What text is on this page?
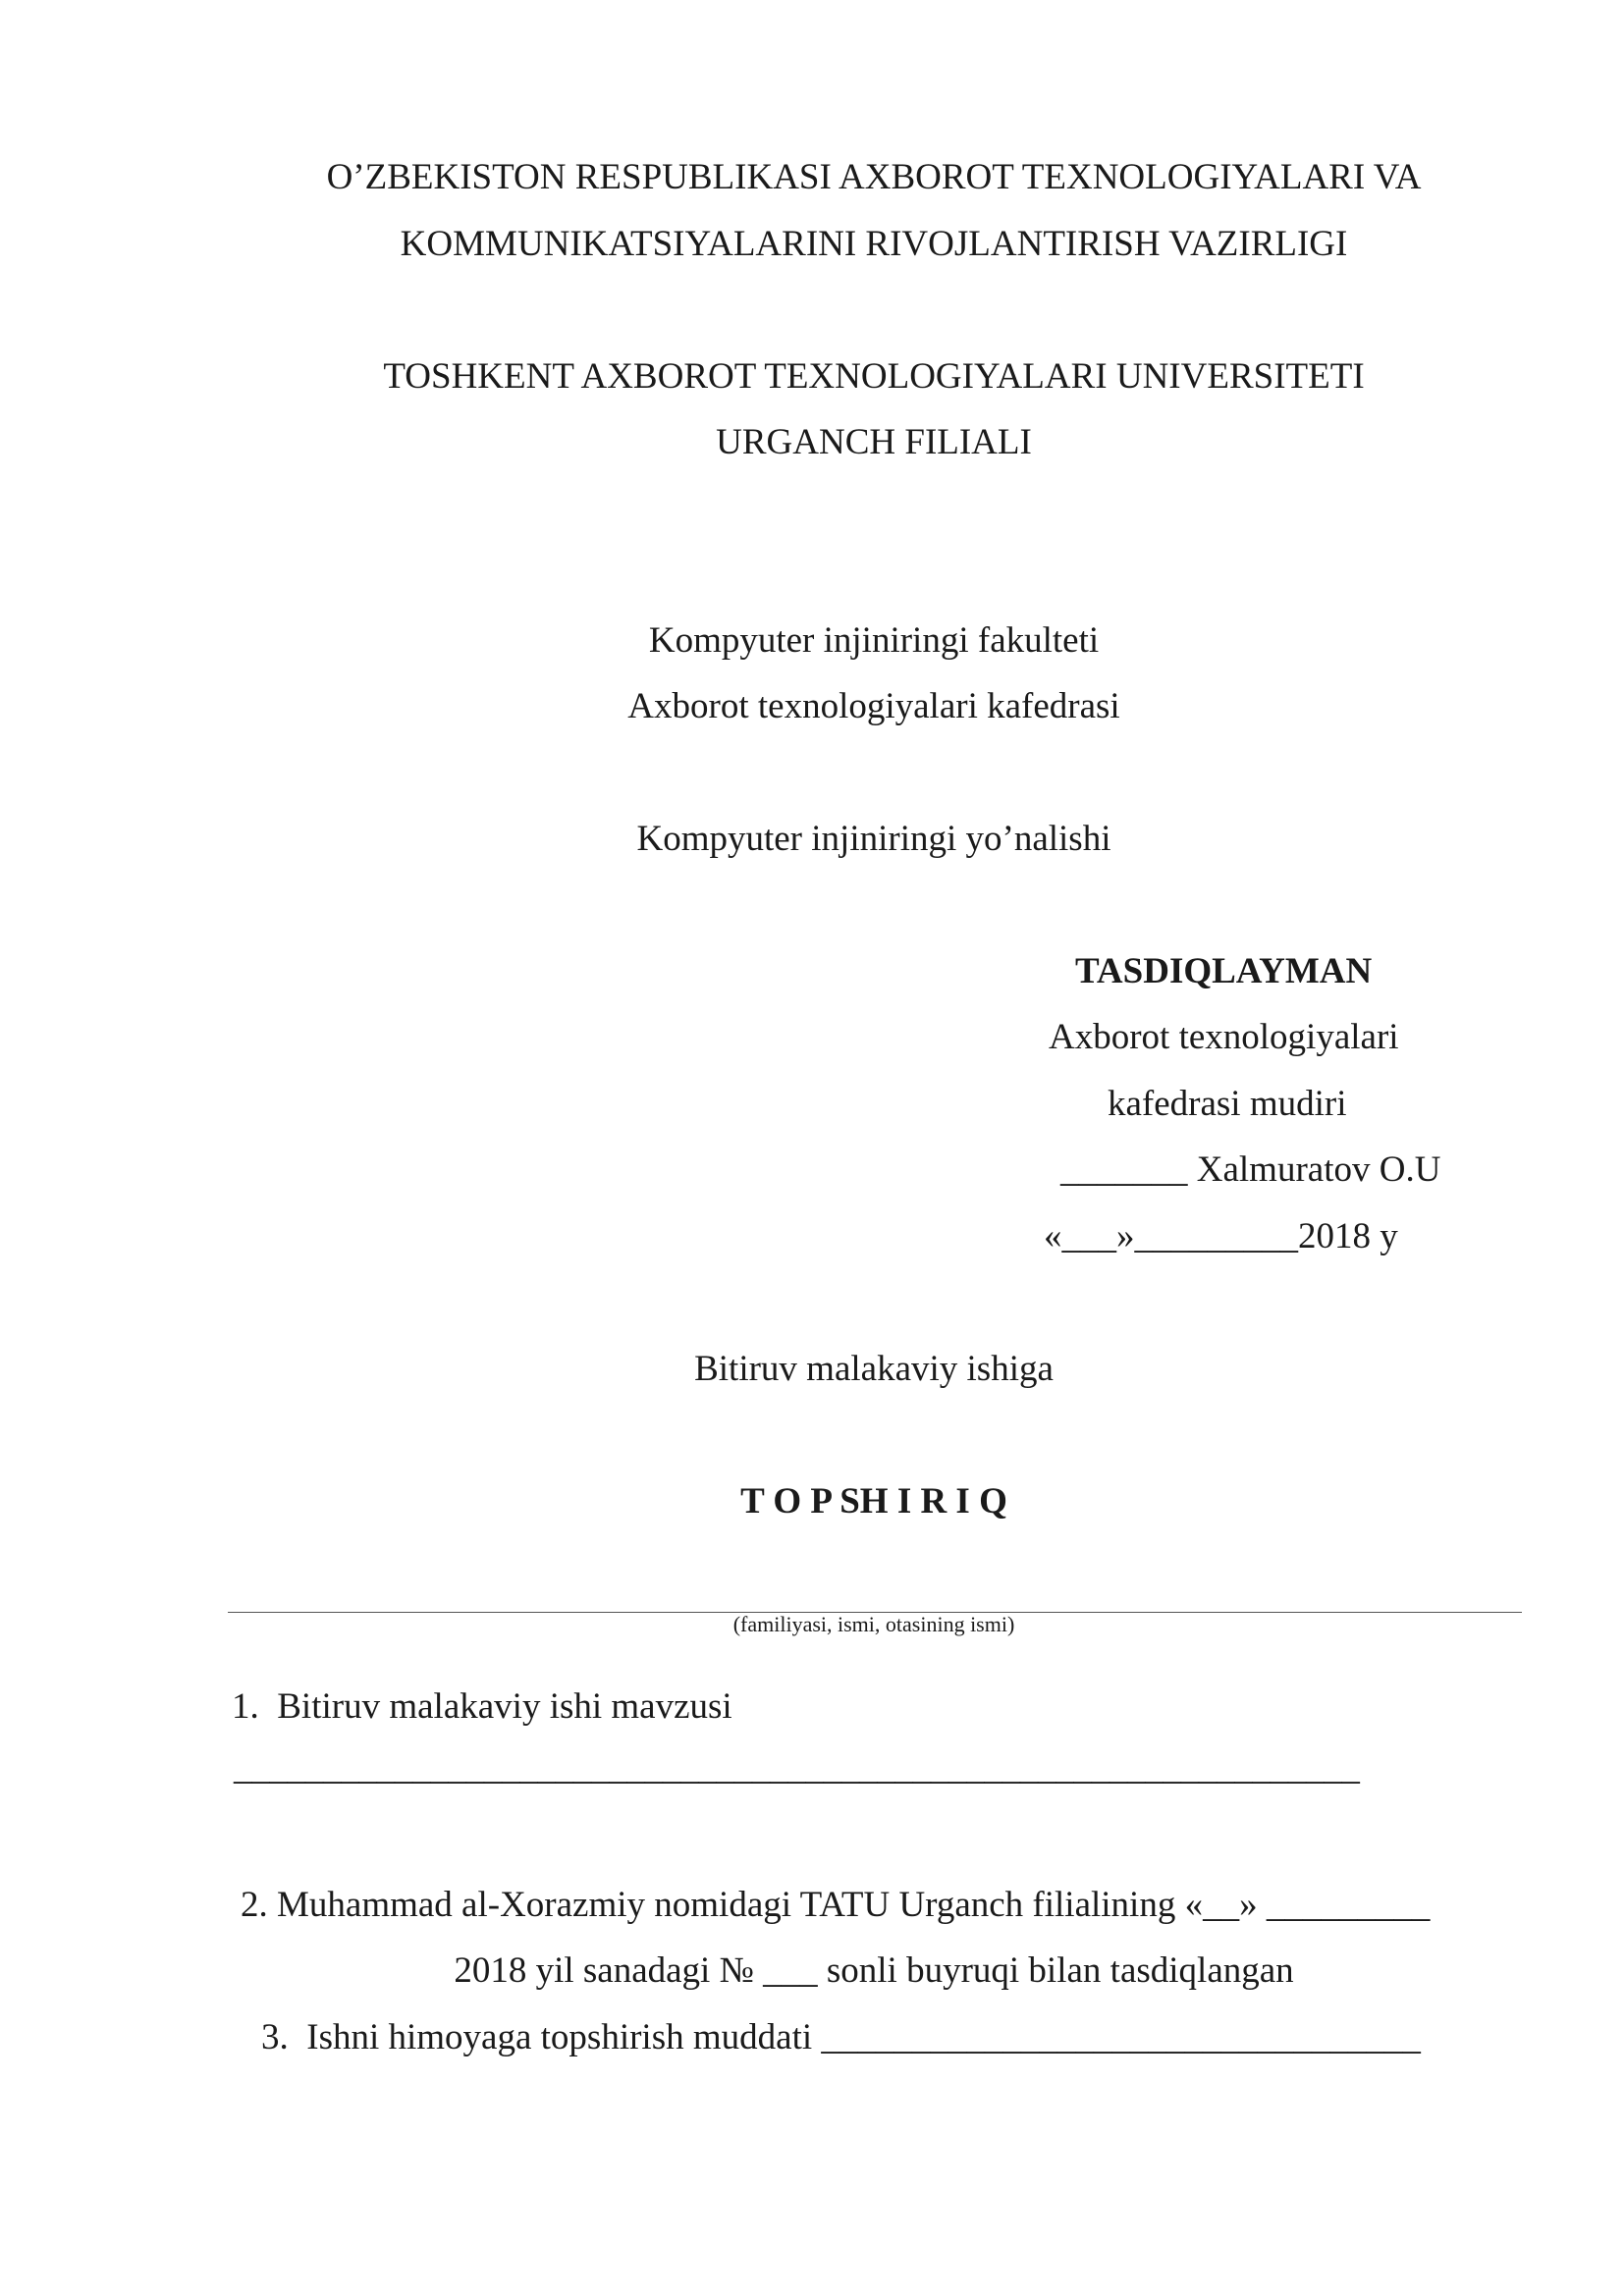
O’ZBEKISTON RESPUBLIKASI AXBOROT TEXNOLOGIYALARI VA
KOMMUNIKATSIYALARINI RIVOJLANTIRISH VAZIRLIGI
TOSHKENT AXBOROT TEXNOLOGIYALARI UNIVERSITETI
URGANCH FILIALI
Kompyuter injiniringi fakulteti
Axborot texnologiyalari kafedrasi
Kompyuter injiniringi yo’nalishi
TASDIQLAYMAN
Axborot texnologiyalari
kafedrasi mudiri
_______ Xalmuratov O.U
«___»_________2018 y
Bitiruv malakaviy ishiga
T O P SH I R I Q
(familiyasi, ismi, otasining ismi)
1.  Bitiruv malakaviy ishi mavzusi
_______________________________________________________________
2. Muhammad al-Xorazmiy nomidagi TATU Urganch filialining «__» _________
2018 yil sanadagi № ___ sonli buyruqi bilan tasdiqlangan
3.  Ishni himoyaga topshirish muddati _________________________________
